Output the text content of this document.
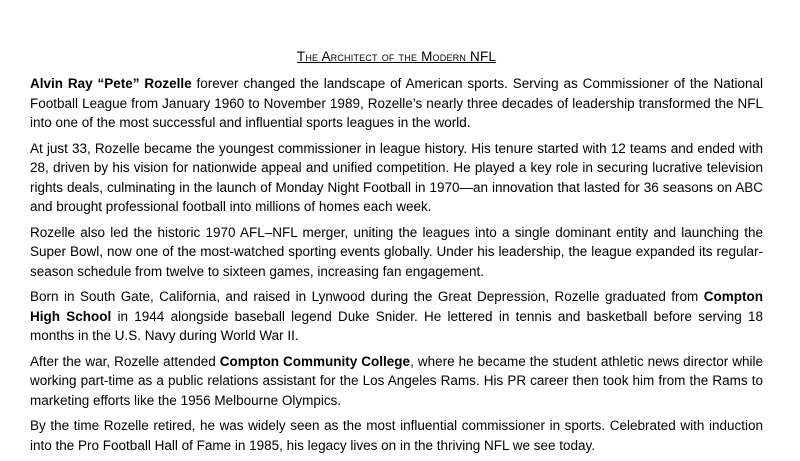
The Architect of the Modern NFL

Alvin Ray “Pete” Rozelle forever changed the landscape of American sports. Serving as Commissioner of the National Football League from January 1960 to November 1989, Rozelle’s nearly three decades of leadership transformed the NFL into one of the most successful and influential sports leagues in the world.

At just 33, Rozelle became the youngest commissioner in league history. His tenure started with 12 teams and ended with 28, driven by his vision for nationwide appeal and unified competition. He played a key role in securing lucrative television rights deals, culminating in the launch of Monday Night Football in 1970—an innovation that lasted for 36 seasons on ABC and brought professional football into millions of homes each week.

Rozelle also led the historic 1970 AFL–NFL merger, uniting the leagues into a single dominant entity and launching the Super Bowl, now one of the most-watched sporting events globally. Under his leadership, the league expanded its regular-season schedule from twelve to sixteen games, increasing fan engagement.

Born in South Gate, California, and raised in Lynwood during the Great Depression, Rozelle graduated from Compton High School in 1944 alongside baseball legend Duke Snider. He lettered in tennis and basketball before serving 18 months in the U.S. Navy during World War II.

After the war, Rozelle attended Compton Community College, where he became the student athletic news director while working part-time as a public relations assistant for the Los Angeles Rams. His PR career then took him from the Rams to marketing efforts like the 1956 Melbourne Olympics.

By the time Rozelle retired, he was widely seen as the most influential commissioner in sports. Celebrated with induction into the Pro Football Hall of Fame in 1985, his legacy lives on in the thriving NFL we see today.
